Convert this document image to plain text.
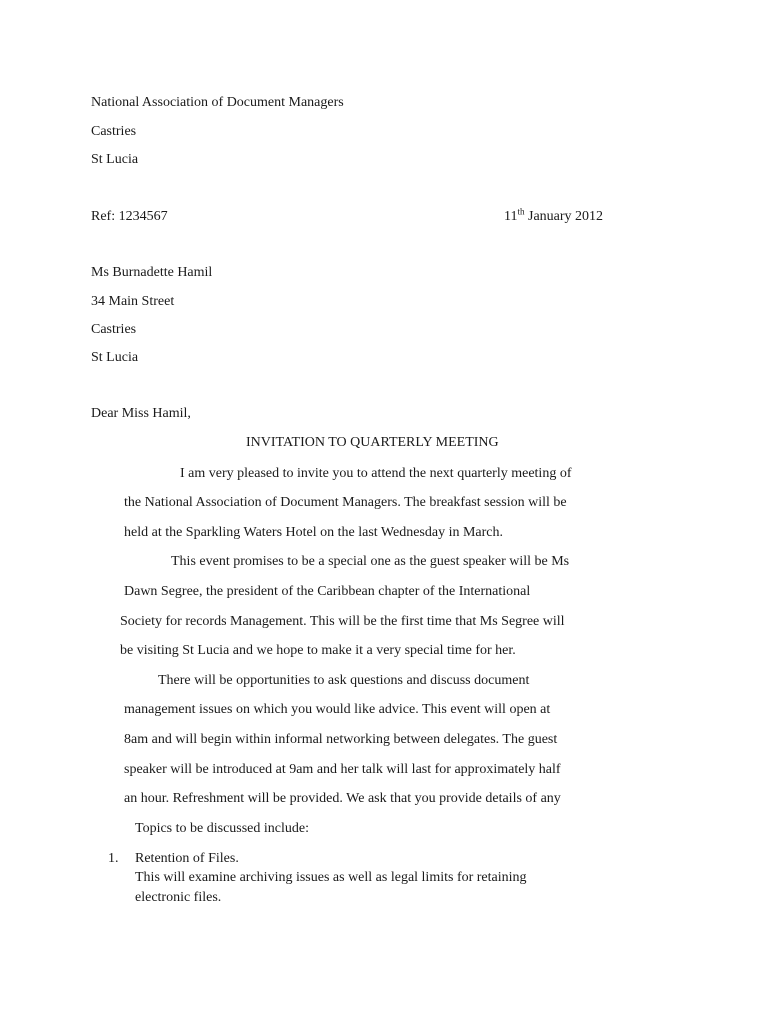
National Association of Document Managers
Castries
St Lucia
Ref: 1234567	11th January 2012
Ms Burnadette Hamil
34 Main Street
Castries
St Lucia
Dear Miss Hamil,
INVITATION TO QUARTERLY MEETING
I am very pleased to invite you to attend the next quarterly meeting of
the National Association of Document Managers. The breakfast session will be
held at the Sparkling Waters Hotel on the last Wednesday in March.
This event promises to be a special one as the guest speaker will be Ms
Dawn Segree, the president of the Caribbean chapter of the International
Society for records Management. This will be the first time that Ms Segree will
be visiting St Lucia and we hope to make it a very special time for her.
There will be opportunities to ask questions and discuss document
management issues on which you would like advice. This event will open at
8am and will begin within informal networking between delegates. The guest
speaker will be introduced at 9am and her talk will last for approximately half
an hour. Refreshment will be provided. We ask that you provide details of any
Topics to be discussed include:
1. Retention of Files.
This will examine archiving issues as well as legal limits for retaining
electronic files.
